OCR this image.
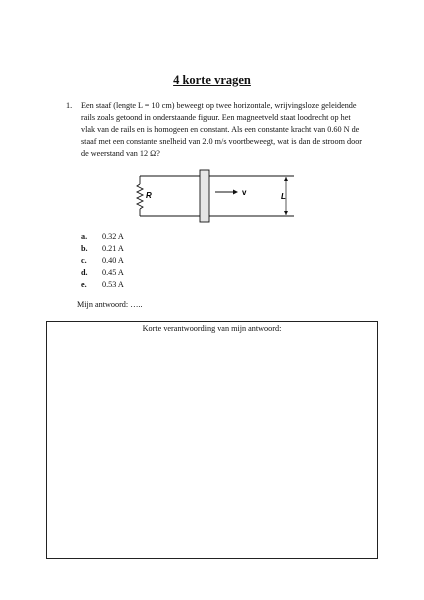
4 korte vragen
1. Een staaf (lengte L = 10 cm) beweegt op twee horizontale, wrijvingsloze geleidende
rails zoals getoond in onderstaande figuur. Een magneetveld staat loodrecht op het
vlak van de rails en is homogeen en constant. Als een constante kracht van 0.60 N de
staaf met een constante snelheid van 2.0 m/s voortbeweegt, wat is dan de stroom door
de weerstand van 12 Ω?
R	v	L
a. 0.32 A
b. 0.21 A
c. 0.40 A
d. 0.45 A
e. 0.53 A
Mijn antwoord: …..
Korte verantwoording van mijn antwoord:
